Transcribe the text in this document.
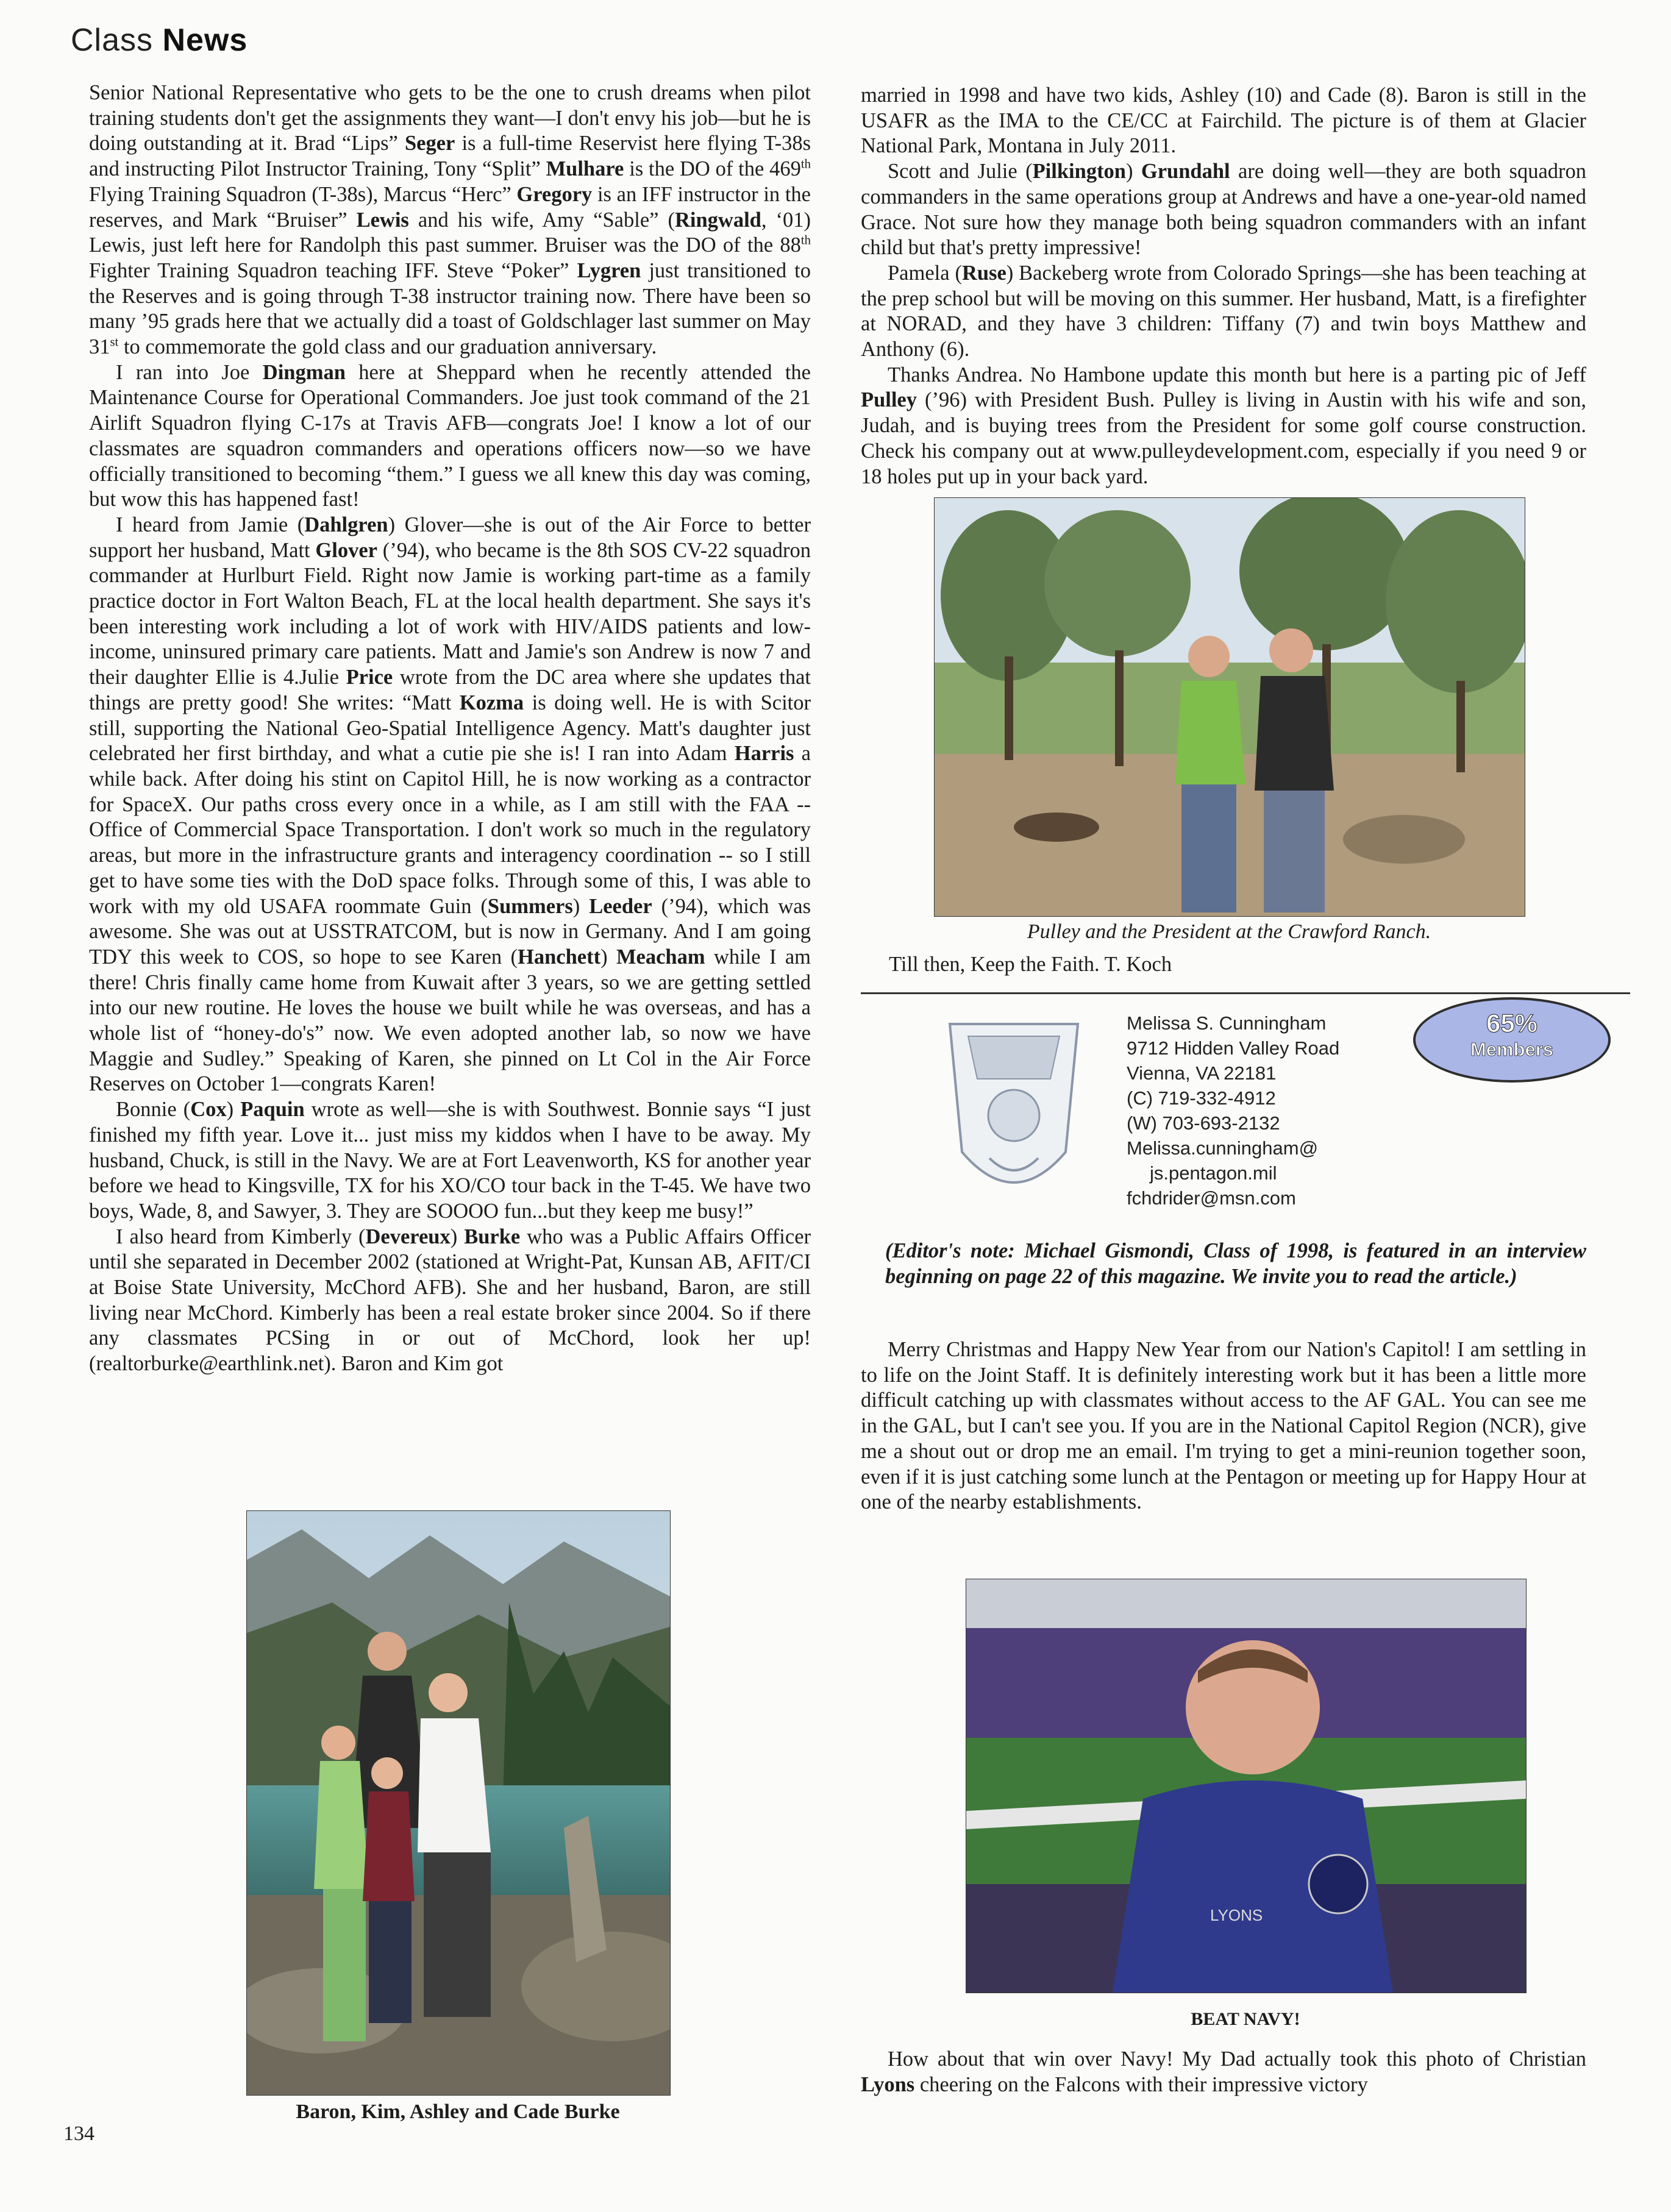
Class News

Senior National Representative who gets to be the one to crush dreams when pilot training students don't get the assignments they want—I don't envy his job—but he is doing outstanding at it. Brad “Lips” Seger is a full-time Reservist here flying T-38s and instructing Pilot Instructor Training, Tony “Split” Mulhare is the DO of the 469th Flying Training Squadron (T-38s), Marcus “Herc” Gregory is an IFF instructor in the reserves, and Mark “Bruiser” Lewis and his wife, Amy “Sable” (Ringwald, ‘01) Lewis, just left here for Randolph this past summer. Bruiser was the DO of the 88th Fighter Training Squadron teaching IFF. Steve “Poker” Lygren just transitioned to the Reserves and is going through T-38 instructor training now. There have been so many ’95 grads here that we actually did a toast of Goldschlager last summer on May 31st to commemorate the gold class and our graduation anniversary.

I ran into Joe Dingman here at Sheppard when he recently attended the Maintenance Course for Operational Commanders. Joe just took command of the 21 Airlift Squadron flying C-17s at Travis AFB—congrats Joe! I know a lot of our classmates are squadron commanders and operations officers now—so we have officially transitioned to becoming “them.” I guess we all knew this day was coming, but wow this has happened fast!

I heard from Jamie (Dahlgren) Glover—she is out of the Air Force to better support her husband, Matt Glover (’94), who became is the 8th SOS CV-22 squadron commander at Hurlburt Field. Right now Jamie is working part-time as a family practice doctor in Fort Walton Beach, FL at the local health department. She says it's been interesting work including a lot of work with HIV/AIDS patients and low-income, uninsured primary care patients. Matt and Jamie's son Andrew is now 7 and their daughter Ellie is 4.Julie Price wrote from the DC area where she updates that things are pretty good! She writes: “Matt Kozma is doing well. He is with Scitor still, supporting the National Geo-Spatial Intelligence Agency. Matt's daughter just celebrated her first birthday, and what a cutie pie she is! I ran into Adam Harris a while back. After doing his stint on Capitol Hill, he is now working as a contractor for SpaceX. Our paths cross every once in a while, as I am still with the FAA -- Office of Commercial Space Transportation. I don't work so much in the regulatory areas, but more in the infrastructure grants and interagency coordination -- so I still get to have some ties with the DoD space folks. Through some of this, I was able to work with my old USAFA roommate Guin (Summers) Leeder (’94), which was awesome. She was out at USSTRATCOM, but is now in Germany. And I am going TDY this week to COS, so hope to see Karen (Hanchett) Meacham while I am there! Chris finally came home from Kuwait after 3 years, so we are getting settled into our new routine. He loves the house we built while he was overseas, and has a whole list of “honey-do's” now. We even adopted another lab, so now we have Maggie and Sudley.” Speaking of Karen, she pinned on Lt Col in the Air Force Reserves on October 1—congrats Karen!

Bonnie (Cox) Paquin wrote as well—she is with Southwest. Bonnie says “I just finished my fifth year. Love it... just miss my kiddos when I have to be away. My husband, Chuck, is still in the Navy. We are at Fort Leavenworth, KS for another year before we head to Kingsville, TX for his XO/CO tour back in the T-45. We have two boys, Wade, 8, and Sawyer, 3. They are SOOOO fun...but they keep me busy!”

I also heard from Kimberly (Devereux) Burke who was a Public Affairs Officer until she separated in December 2002 (stationed at Wright-Pat, Kunsan AB, AFIT/CI at Boise State University, McChord AFB). She and her husband, Baron, are still living near McChord. Kimberly has been a real estate broker since 2004. So if there any classmates PCSing in or out of McChord, look her up! (realtorburke@earthlink.net). Baron and Kim got

Baron, Kim, Ashley and Cade Burke
134

married in 1998 and have two kids, Ashley (10) and Cade (8). Baron is still in the USAFR as the IMA to the CE/CC at Fairchild. The picture is of them at Glacier National Park, Montana in July 2011.

Scott and Julie (Pilkington) Grundahl are doing well—they are both squadron commanders in the same operations group at Andrews and have a one-year-old named Grace. Not sure how they manage both being squadron commanders with an infant child but that's pretty impressive!

Pamela (Ruse) Backeberg wrote from Colorado Springs—she has been teaching at the prep school but will be moving on this summer. Her husband, Matt, is a firefighter at NORAD, and they have 3 children: Tiffany (7) and twin boys Matthew and Anthony (6).

Thanks Andrea. No Hambone update this month but here is a parting pic of Jeff Pulley (’96) with President Bush. Pulley is living in Austin with his wife and son, Judah, and is buying trees from the President for some golf course construction. Check his company out at www.pulleydevelopment.com, especially if you need 9 or 18 holes put up in your back yard.

Pulley and the President at the Crawford Ranch.
Till then, Keep the Faith. T. Koch
Melissa S. Cunningham
9712 Hidden Valley Road
Vienna, VA 22181
(C) 719-332-4912
(W) 703-693-2132
Melissa.cunningham@
js.pentagon.mil
fchdrider@msn.com
65%
Members
(Editor's note: Michael Gismondi, Class of 1998, is featured in an interview beginning on page 22 of this magazine. We invite you to read the article.)

Merry Christmas and Happy New Year from our Nation's Capitol! I am settling in to life on the Joint Staff. It is definitely interesting work but it has been a little more difficult catching up with classmates without access to the AF GAL. You can see me in the GAL, but I can't see you. If you are in the National Capitol Region (NCR), give me a shout out or drop me an email. I'm trying to get a mini-reunion together soon, even if it is just catching some lunch at the Pentagon or meeting up for Happy Hour at one of the nearby establishments.

LYONS
BEAT NAVY!

How about that win over Navy! My Dad actually took this photo of Christian Lyons cheering on the Falcons with their impressive victory
